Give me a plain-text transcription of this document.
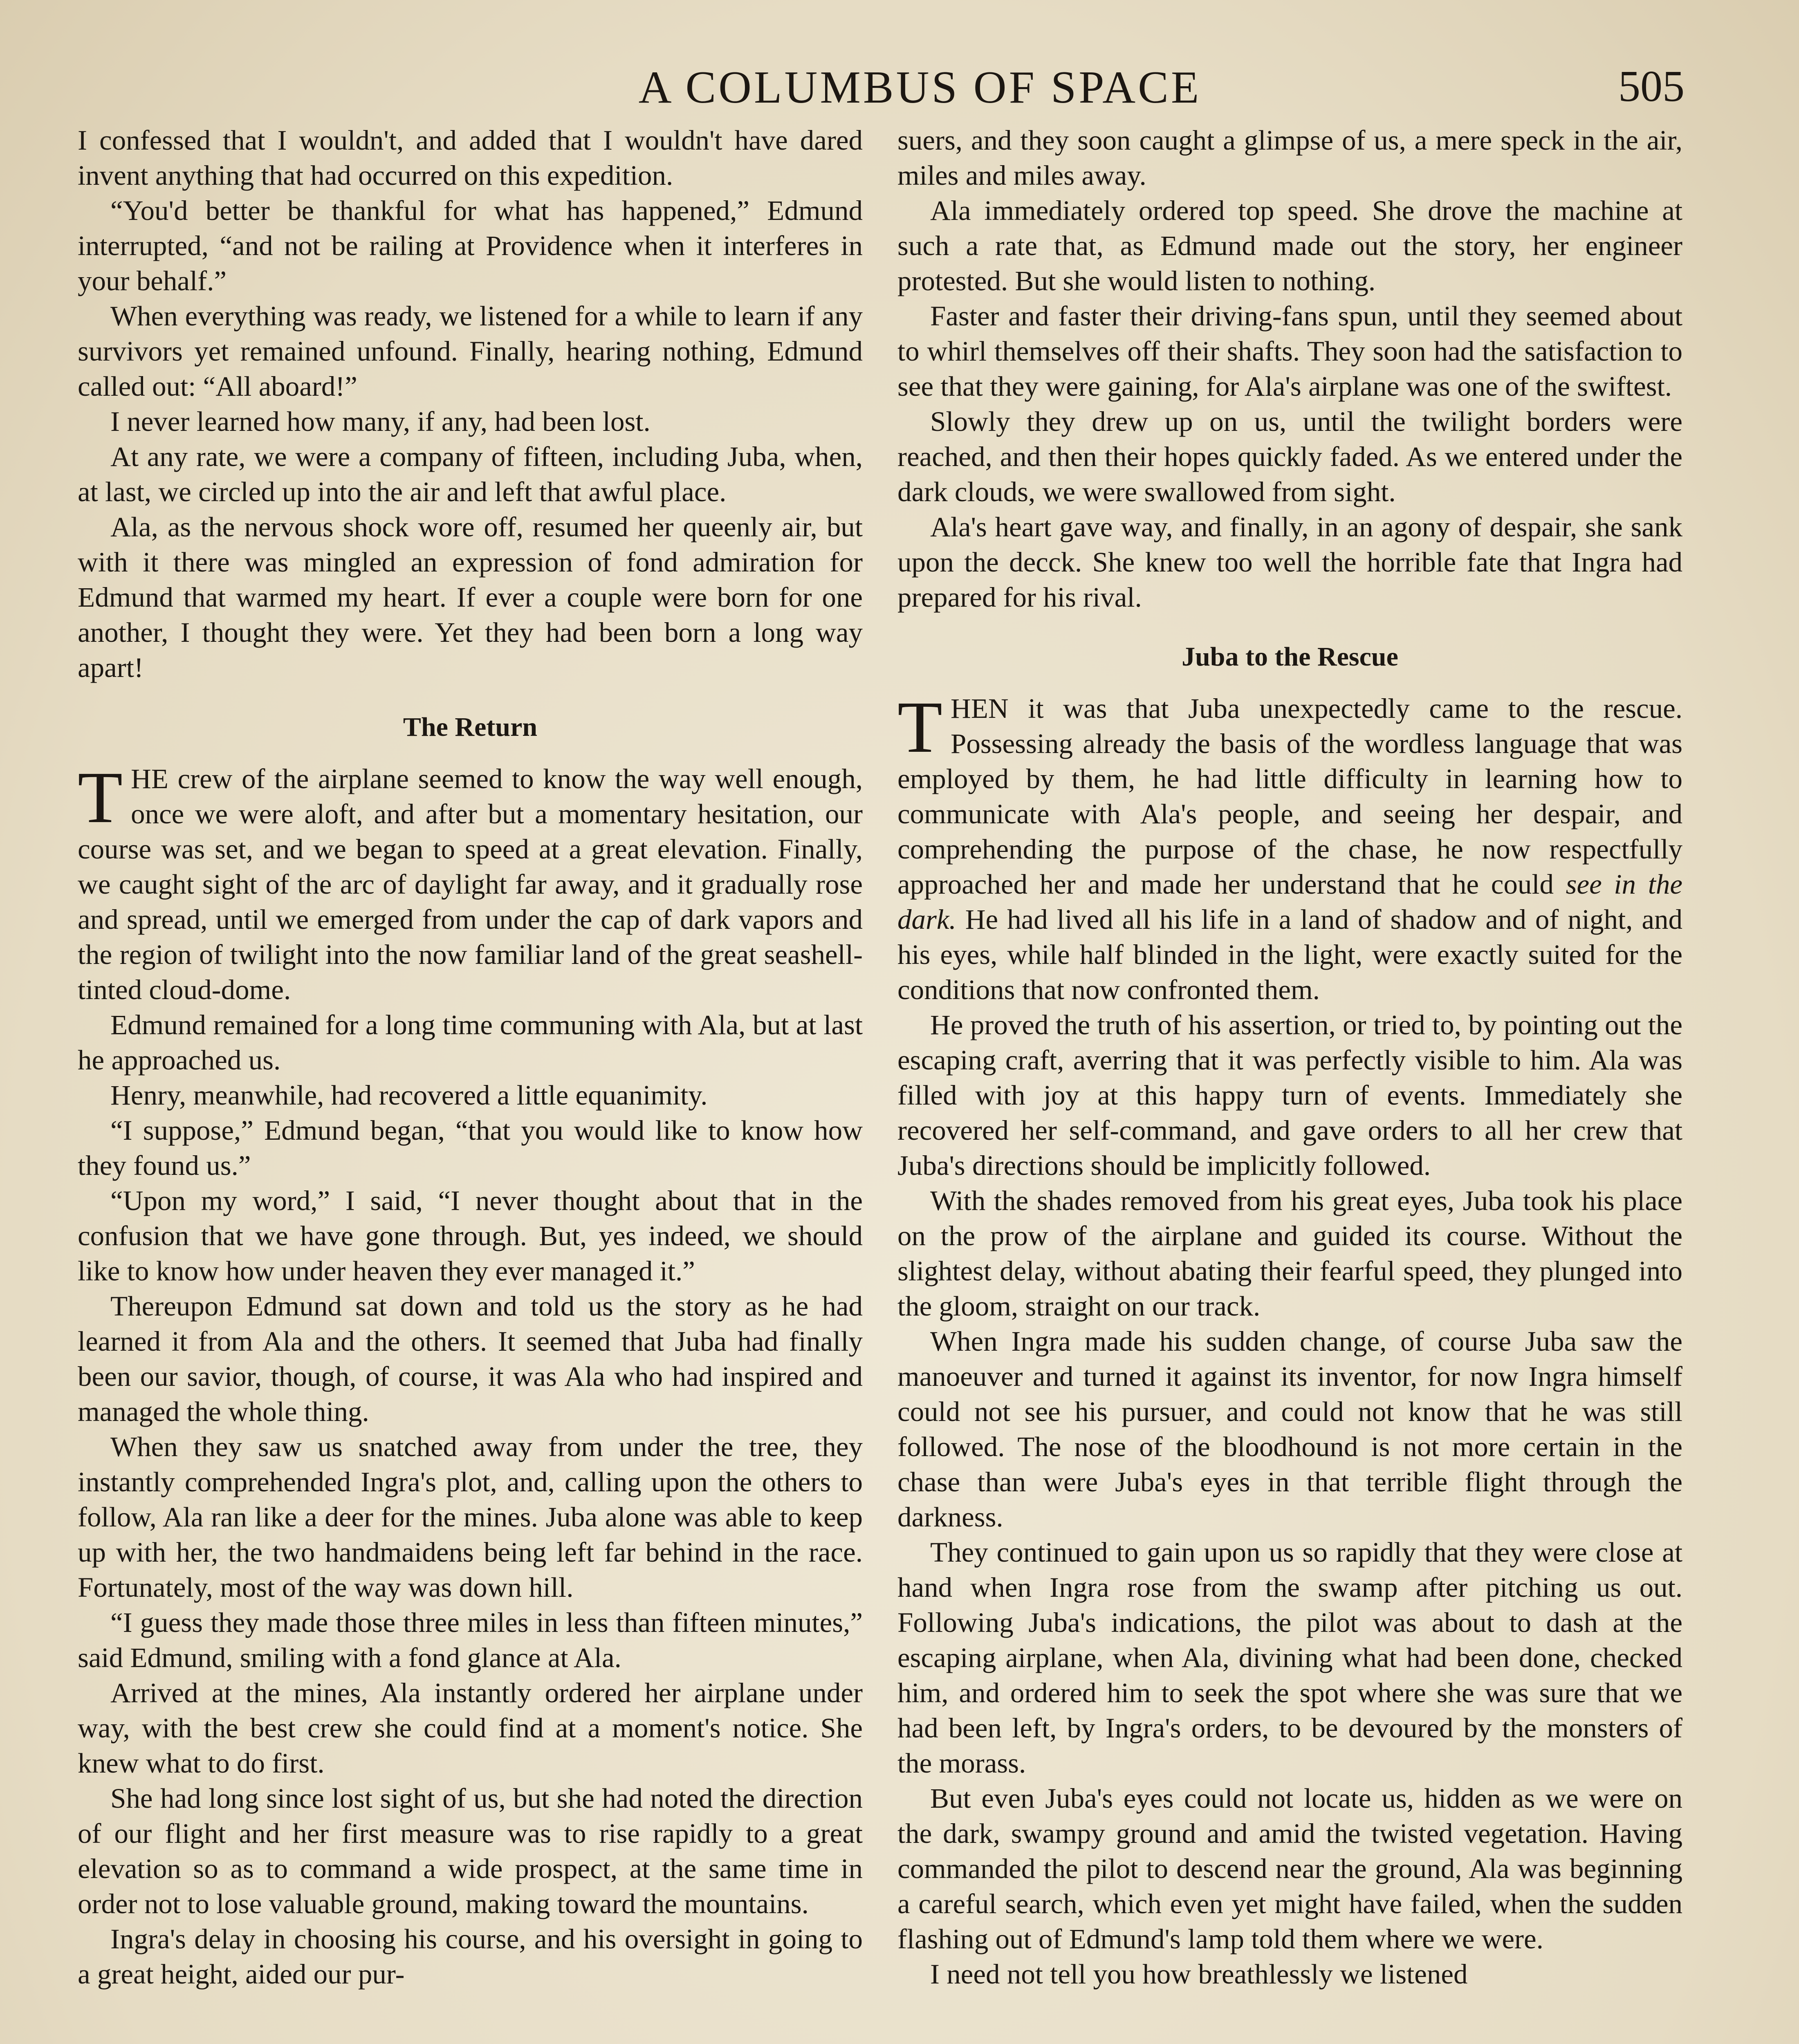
A COLUMBUS OF SPACE	505

I confessed that I wouldn't, and added that I wouldn't have dared invent anything that had occurred on this expedition.

“You'd better be thankful for what has happened,” Edmund interrupted, “and not be railing at Providence when it interferes in your behalf.”

When everything was ready, we listened for a while to learn if any survivors yet remained unfound. Finally, hearing nothing, Edmund called out: “All aboard!”

I never learned how many, if any, had been lost.

At any rate, we were a company of fifteen, including Juba, when, at last, we circled up into the air and left that awful place.

Ala, as the nervous shock wore off, resumed her queenly air, but with it there was mingled an expression of fond admiration for Edmund that warmed my heart. If ever a couple were born for one another, I thought they were. Yet they had been born a long way apart!

The Return

THE crew of the airplane seemed to know the way well enough, once we were aloft, and after but a momentary hesitation, our course was set, and we began to speed at a great elevation. Finally, we caught sight of the arc of daylight far away, and it gradually rose and spread, until we emerged from under the cap of dark vapors and the region of twilight into the now familiar land of the great seashell-tinted cloud-dome.

Edmund remained for a long time communing with Ala, but at last he approached us.

Henry, meanwhile, had recovered a little equanimity.

“I suppose,” Edmund began, “that you would like to know how they found us.”

“Upon my word,” I said, “I never thought about that in the confusion that we have gone through. But, yes indeed, we should like to know how under heaven they ever managed it.”

Thereupon Edmund sat down and told us the story as he had learned it from Ala and the others. It seemed that Juba had finally been our savior, though, of course, it was Ala who had inspired and managed the whole thing.

When they saw us snatched away from under the tree, they instantly comprehended Ingra's plot, and, calling upon the others to follow, Ala ran like a deer for the mines. Juba alone was able to keep up with her, the two handmaidens being left far behind in the race. Fortunately, most of the way was down hill.

“I guess they made those three miles in less than fifteen minutes,” said Edmund, smiling with a fond glance at Ala.

Arrived at the mines, Ala instantly ordered her airplane under way, with the best crew she could find at a moment's notice. She knew what to do first.

She had long since lost sight of us, but she had noted the direction of our flight and her first measure was to rise rapidly to a great elevation so as to command a wide prospect, at the same time in order not to lose valuable ground, making toward the mountains.

Ingra's delay in choosing his course, and his oversight in going to a great height, aided our pur-

suers, and they soon caught a glimpse of us, a mere speck in the air, miles and miles away.

Ala immediately ordered top speed. She drove the machine at such a rate that, as Edmund made out the story, her engineer protested. But she would listen to nothing.

Faster and faster their driving-fans spun, until they seemed about to whirl themselves off their shafts. They soon had the satisfaction to see that they were gaining, for Ala's airplane was one of the swiftest.

Slowly they drew up on us, until the twilight borders were reached, and then their hopes quickly faded. As we entered under the dark clouds, we were swallowed from sight.

Ala's heart gave way, and finally, in an agony of despair, she sank upon the decck. She knew too well the horrible fate that Ingra had prepared for his rival.

Juba to the Rescue

THEN it was that Juba unexpectedly came to the rescue. Possessing already the basis of the wordless language that was employed by them, he had little difficulty in learning how to communicate with Ala's people, and seeing her despair, and comprehending the purpose of the chase, he now respectfully approached her and made her understand that he could see in the dark. He had lived all his life in a land of shadow and of night, and his eyes, while half blinded in the light, were exactly suited for the conditions that now confronted them.

He proved the truth of his assertion, or tried to, by pointing out the escaping craft, averring that it was perfectly visible to him. Ala was filled with joy at this happy turn of events. Immediately she recovered her self-command, and gave orders to all her crew that Juba's directions should be implicitly followed.

With the shades removed from his great eyes, Juba took his place on the prow of the airplane and guided its course. Without the slightest delay, without abating their fearful speed, they plunged into the gloom, straight on our track.

When Ingra made his sudden change, of course Juba saw the manoeuver and turned it against its inventor, for now Ingra himself could not see his pursuer, and could not know that he was still followed. The nose of the bloodhound is not more certain in the chase than were Juba's eyes in that terrible flight through the darkness.

They continued to gain upon us so rapidly that they were close at hand when Ingra rose from the swamp after pitching us out. Following Juba's indications, the pilot was about to dash at the escaping airplane, when Ala, divining what had been done, checked him, and ordered him to seek the spot where she was sure that we had been left, by Ingra's orders, to be devoured by the monsters of the morass.

But even Juba's eyes could not locate us, hidden as we were on the dark, swampy ground and amid the twisted vegetation. Having commanded the pilot to descend near the ground, Ala was beginning a careful search, which even yet might have failed, when the sudden flashing out of Edmund's lamp told them where we were.

I need not tell you how breathlessly we listened
